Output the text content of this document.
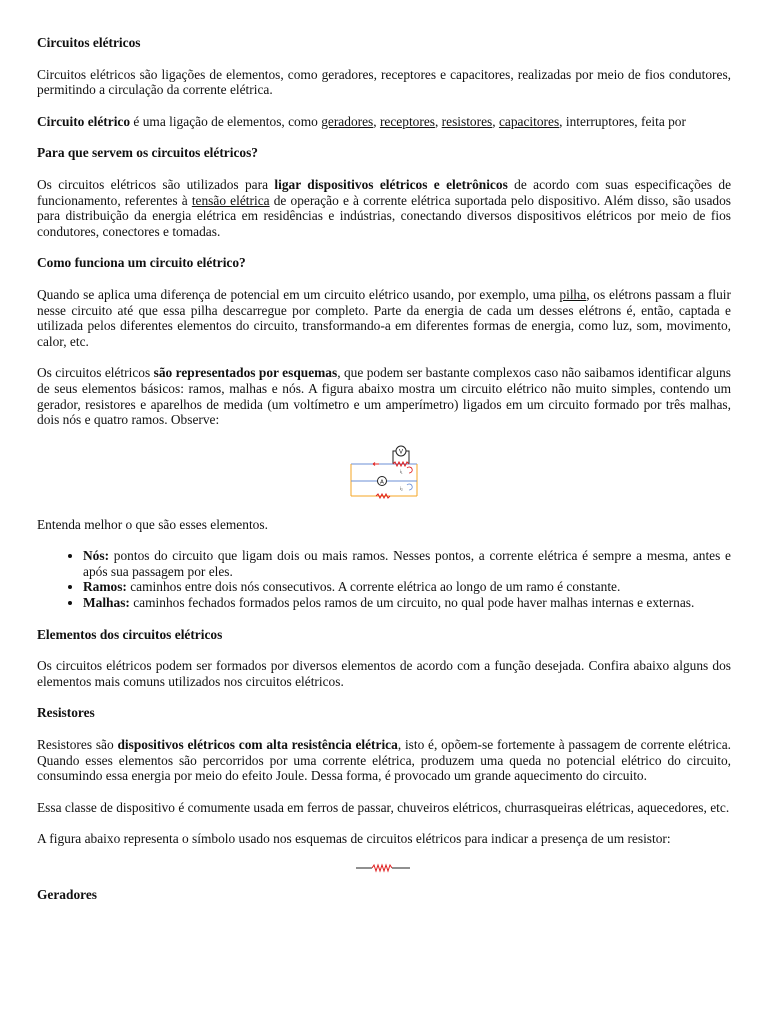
Circuitos elétricos

Circuitos elétricos são ligações de elementos, como geradores, receptores e capacitores, realizadas por meio de fios condutores, permitindo a circulação da corrente elétrica.

Circuito elétrico é uma ligação de elementos, como geradores, receptores, resistores, capacitores, interruptores, feita por

Para que servem os circuitos elétricos?

Os circuitos elétricos são utilizados para ligar dispositivos elétricos e eletrônicos de acordo com suas especificações de funcionamento, referentes à tensão elétrica de operação e à corrente elétrica suportada pelo dispositivo. Além disso, são usados para distribuição da energia elétrica em residências e indústrias, conectando diversos dispositivos elétricos por meio de fios condutores, conectores e tomadas.

Como funciona um circuito elétrico?

Quando se aplica uma diferença de potencial em um circuito elétrico usando, por exemplo, uma pilha, os elétrons passam a fluir nesse circuito até que essa pilha descarregue por completo. Parte da energia de cada um desses elétrons é, então, captada e utilizada pelos diferentes elementos do circuito, transformando-a em diferentes formas de energia, como luz, som, movimento, calor, etc.

Os circuitos elétricos são representados por esquemas, que podem ser bastante complexos caso não saibamos identificar alguns de seus elementos básicos: ramos, malhas e nós. A figura abaixo mostra um circuito elétrico não muito simples, contendo um gerador, resistores e aparelhos de medida (um voltímetro e um amperímetro) ligados em um circuito formado por três malhas, dois nós e quatro ramos. Observe:

V
A
i₁
i₂

Entenda melhor o que são esses elementos.

• Nós: pontos do circuito que ligam dois ou mais ramos. Nesses pontos, a corrente elétrica é sempre a mesma, antes e após sua passagem por eles.
• Ramos: caminhos entre dois nós consecutivos. A corrente elétrica ao longo de um ramo é constante.
• Malhas: caminhos fechados formados pelos ramos de um circuito, no qual pode haver malhas internas e externas.
Elementos dos circuitos elétricos

Os circuitos elétricos podem ser formados por diversos elementos de acordo com a função desejada. Confira abaixo alguns dos elementos mais comuns utilizados nos circuitos elétricos.

Resistores

Resistores são dispositivos elétricos com alta resistência elétrica, isto é, opõem-se fortemente à passagem de corrente elétrica. Quando esses elementos são percorridos por uma corrente elétrica, produzem uma queda no potencial elétrico do circuito, consumindo essa energia por meio do efeito Joule. Dessa forma, é provocado um grande aquecimento do circuito.

Essa classe de dispositivo é comumente usada em ferros de passar, chuveiros elétricos, churrasqueiras elétricas, aquecedores, etc.

A figura abaixo representa o símbolo usado nos esquemas de circuitos elétricos para indicar a presença de um resistor:

Geradores
